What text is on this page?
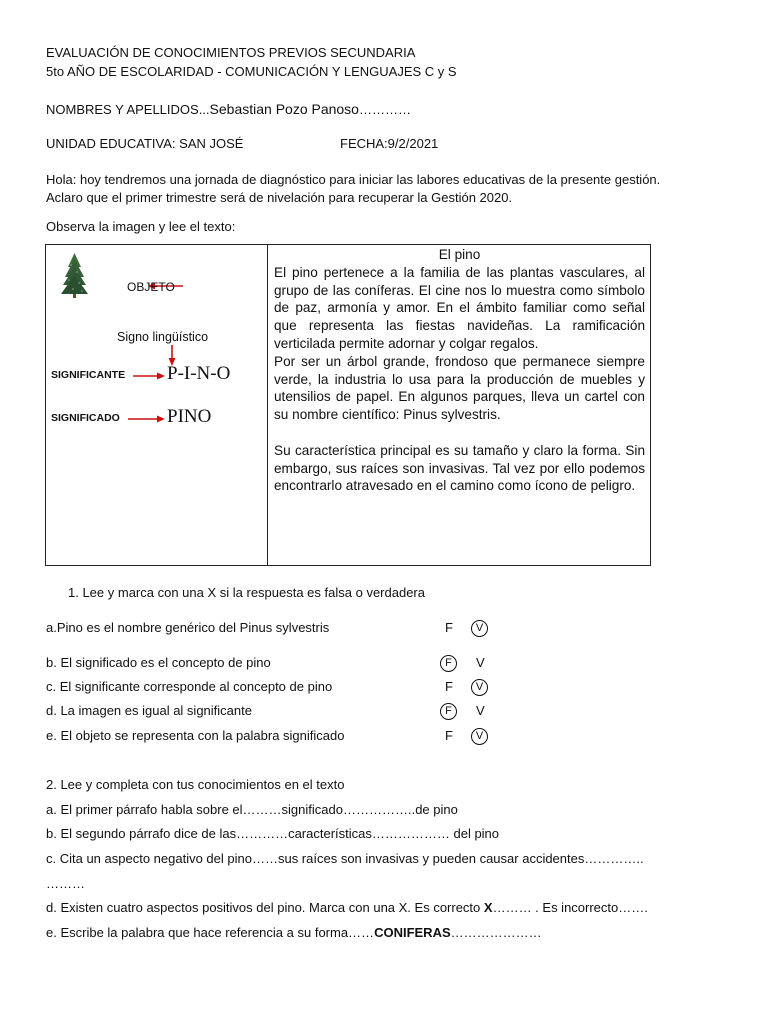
EVALUACIÓN DE CONOCIMIENTOS PREVIOS SECUNDARIA
5to AÑO DE ESCOLARIDAD - COMUNICACIÓN Y LENGUAJES C y S
NOMBRES Y APELLIDOS...Sebastian Pozo Panoso…………
UNIDAD EDUCATIVA: SAN JOSÉ	FECHA:9/2/2021
Hola: hoy tendremos una jornada de diagnóstico para iniciar las labores educativas de la presente gestión.
Aclaro que el primer trimestre será de nivelación para recuperar la Gestión 2020.
Observa la imagen y lee el texto:
OBJETO
Signo lingüístico
SIGNIFICANTE P-I-N-O
SIGNIFICADO PINO
El pino

El pino pertenece a la familia de las plantas vasculares, al grupo de las coníferas. El cine nos lo muestra como símbolo de paz, armonía y amor. En el ámbito familiar como señal que representa las fiestas navideñas. La ramificación verticilada permite adornar y colgar regalos.

Por ser un árbol grande, frondoso que permanece siempre verde, la industria lo usa para la producción de muebles y utensilios de papel. En algunos parques, lleva un cartel con su nombre científico: Pinus sylvestris.

Su característica principal es su tamaño y claro la forma. Sin embargo, sus raíces son invasivas. Tal vez por ello podemos encontrarlo atravesado en el camino como ícono de peligro.

1. Lee y marca con una X si la respuesta es falsa o verdadera
a.Pino es el nombre genérico del Pinus sylvestris	F	V
b. El significado es el concepto de pino	F	V
c. El significante corresponde al concepto de pino	F	V
d. La imagen es igual al significante	F	V
e. El objeto se representa con la palabra significado	F	V
2. Lee y completa con tus conocimientos en el texto
a. El primer párrafo habla sobre el………significado……………..de pino
b. El segundo párrafo dice de las…………características……………… del pino
c. Cita un aspecto negativo del pino……sus raíces son invasivas y pueden causar accidentes…………..
………
d. Existen cuatro aspectos positivos del pino. Marca con una X. Es correcto X……… . Es incorrecto…….
e. Escribe la palabra que hace referencia a su forma……CONIFERAS…………………
